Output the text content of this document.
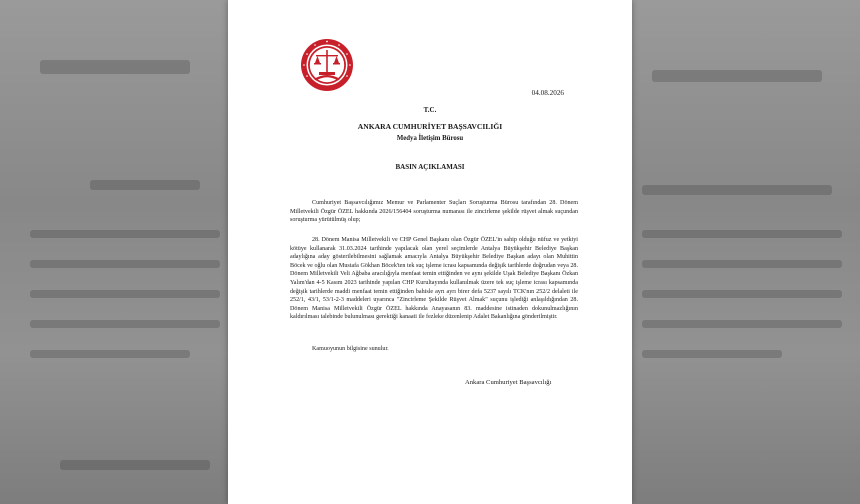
04.08.2026
T.C.
ANKARA CUMHURİYET BAŞSAVCILIĞI
Medya İletişim Bürosu
BASIN AÇIKLAMASI
Cumhuriyet Başsavcılığımız Memur ve Parlamenter Suçları Soruşturma Bürosu tarafından 28. Dönem Milletvekili Özgür ÖZEL hakkında 2026/156404 soruşturma numarası ile zincirleme şekilde rüşvet almak suçundan soruşturma yürütülmüş olup;
28. Dönem Manisa Milletvekili ve CHP Genel Başkanı olan Özgür ÖZEL'in sahip olduğu nüfuz ve yetkiyi kötüye kullanarak 31.03.2024 tarihinde yapılacak olan yerel seçimlerde Antalya Büyükşehir Belediye Başkan adaylığına aday gösterilebilmesini sağlamak amacıyla Antalya Büyükşehir Belediye Başkan adayı olan Muhittin Böcek ve oğlu olan Mustafa Gökhan Böcek'ten tek suç işleme icrası kapsamında değişik tarihlerde doğrudan veya 28. Dönem Milletvekili Veli Ağbaba aracılığıyla menfaat temin ettiğinden ve aynı şekilde Uşak Belediye Başkanı Özkan Yalım'dan 4-5 Kasım 2023 tarihinde yapılan CHP Kurultayında kullanılmak üzere tek suç işleme icrası kapsamında değişik tarihlerde maddi menfaat temin ettiğinden bahisle ayrı ayrı birer defa 5237 sayılı TCK'nın 252/2 delaleti ile 252/1, 43/1, 53/1-2-3 maddeleri uyarınca "Zincirleme Şekilde Rüşvet Almak" suçunu işlediği anlaşıldığından 28. Dönem Manisa Milletvekili Özgür ÖZEL hakkında Anayasanın 83. maddesine istinaden dokunulmazlığının kaldırılması talebinde bulunulması gerektiği kanaati ile fezleke düzenlenip Adalet Bakanlığına gönderilmiştir.
Kamuoyunun bilgisine sunulur.
Ankara Cumhuriyet Başsavcılığı
